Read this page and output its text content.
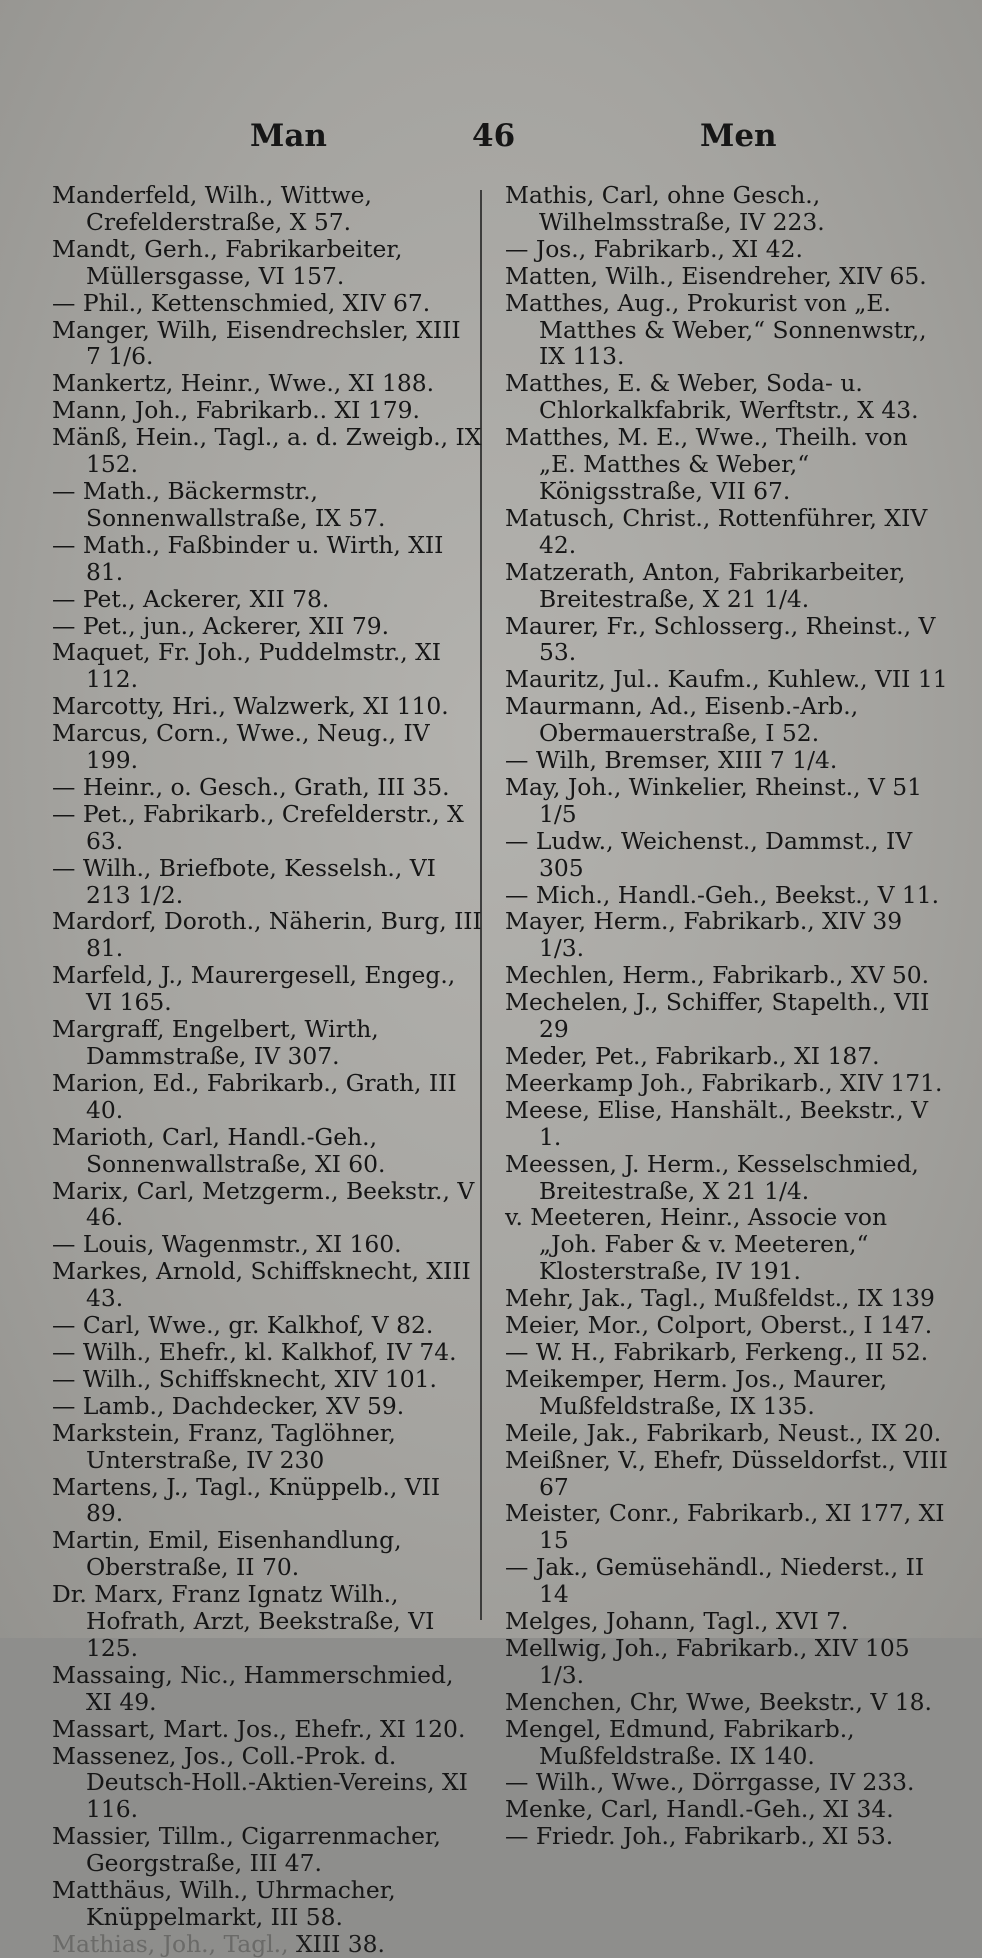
Man	46	Men

Manderfeld, Wilh., Wittwe, Crefelderstraße, X 57.

Mandt, Gerh., Fabrikarbeiter, Müllersgasse, VI 157.

— Phil., Kettenschmied, XIV 67.

Manger, Wilh, Eisendrechsler, XIII 7 1/6.

Mankertz, Heinr., Wwe., XI 188.

Mann, Joh., Fabrikarb.. XI 179.

Mänß, Hein., Tagl., a. d. Zweigb., IX 152.

— Math., Bäckermstr., Sonnenwallstraße, IX 57.

— Math., Faßbinder u. Wirth, XII 81.

— Pet., Ackerer, XII 78.

— Pet., jun., Ackerer, XII 79.

Maquet, Fr. Joh., Puddelmstr., XI 112.

Marcotty, Hri., Walzwerk, XI 110.

Marcus, Corn., Wwe., Neug., IV 199.

— Heinr., o. Gesch., Grath, III 35.

— Pet., Fabrikarb., Crefelderstr., X 63.

— Wilh., Briefbote, Kesselsh., VI 213 1/2.

Mardorf, Doroth., Näherin, Burg, III 81.

Marfeld, J., Maurergesell, Engeg., VI 165.

Margraff, Engelbert, Wirth, Dammstraße, IV 307.

Marion, Ed., Fabrikarb., Grath, III 40.

Marioth, Carl, Handl.-Geh., Sonnenwallstraße, XI 60.

Marix, Carl, Metzgerm., Beekstr., V 46.

— Louis, Wagenmstr., XI 160.

Markes, Arnold, Schiffsknecht, XIII 43.

— Carl, Wwe., gr. Kalkhof, V 82.

— Wilh., Ehefr., kl. Kalkhof, IV 74.

— Wilh., Schiffsknecht, XIV 101.

— Lamb., Dachdecker, XV 59.

Markstein, Franz, Taglöhner, Unterstraße, IV 230

Martens, J., Tagl., Knüppelb., VII 89.

Martin, Emil, Eisenhandlung, Oberstraße, II 70.

Dr. Marx, Franz Ignatz Wilh., Hofrath, Arzt, Beekstraße, VI 125.

Massaing, Nic., Hammerschmied, XI 49.

Massart, Mart. Jos., Ehefr., XI 120.

Massenez, Jos., Coll.-Prok. d. Deutsch-Holl.-Aktien-Vereins, XI 116.

Massier, Tillm., Cigarrenmacher, Georgstraße, III 47.

Matthäus, Wilh., Uhrmacher, Knüppelmarkt, III 58.

Mathias, Joh., Tagl., XIII 38.

Mathis, Carl, ohne Gesch., Wilhelmsstraße, IV 223.

— Jos., Fabrikarb., XI 42.

Matten, Wilh., Eisendreher, XIV 65.

Matthes, Aug., Prokurist von „E. Matthes & Weber,“ Sonnenwstr,, IX 113.

Matthes, E. & Weber, Soda- u. Chlorkalkfabrik, Werftstr., X 43.

Matthes, M. E., Wwe., Theilh. von „E. Matthes & Weber,“ Königsstraße, VII 67.

Matusch, Christ., Rottenführer, XIV 42.

Matzerath, Anton, Fabrikarbeiter, Breitestraße, X 21 1/4.

Maurer, Fr., Schlosserg., Rheinst., V 53.

Mauritz, Jul.. Kaufm., Kuhlew., VII 11

Maurmann, Ad., Eisenb.-Arb., Obermauerstraße, I 52.

— Wilh, Bremser, XIII 7 1/4.

May, Joh., Winkelier, Rheinst., V 51 1/5

— Ludw., Weichenst., Dammst., IV 305

— Mich., Handl.-Geh., Beekst., V 11.

Mayer, Herm., Fabrikarb., XIV 39 1/3.

Mechlen, Herm., Fabrikarb., XV 50.

Mechelen, J., Schiffer, Stapelth., VII 29

Meder, Pet., Fabrikarb., XI 187.

Meerkamp Joh., Fabrikarb., XIV 171.

Meese, Elise, Hanshält., Beekstr., V 1.

Meessen, J. Herm., Kesselschmied, Breitestraße, X 21 1/4.

v. Meeteren, Heinr., Associe von „Joh. Faber & v. Meeteren,“ Klosterstraße, IV 191.

Mehr, Jak., Tagl., Mußfeldst., IX 139

Meier, Mor., Colport, Oberst., I 147.

— W. H., Fabrikarb, Ferkeng., II 52.

Meikemper, Herm. Jos., Maurer, Mußfeldstraße, IX 135.

Meile, Jak., Fabrikarb, Neust., IX 20.

Meißner, V., Ehefr, Düsseldorfst., VIII 67

Meister, Conr., Fabrikarb., XI 177, XI 15

— Jak., Gemüsehändl., Niederst., II 14

Melges, Johann, Tagl., XVI 7.

Mellwig, Joh., Fabrikarb., XIV 105 1/3.

Menchen, Chr, Wwe, Beekstr., V 18.

Mengel, Edmund, Fabrikarb., Mußfeldstraße. IX 140.

— Wilh., Wwe., Dörrgasse, IV 233.

Menke, Carl, Handl.-Geh., XI 34.

— Friedr. Joh., Fabrikarb., XI 53.
